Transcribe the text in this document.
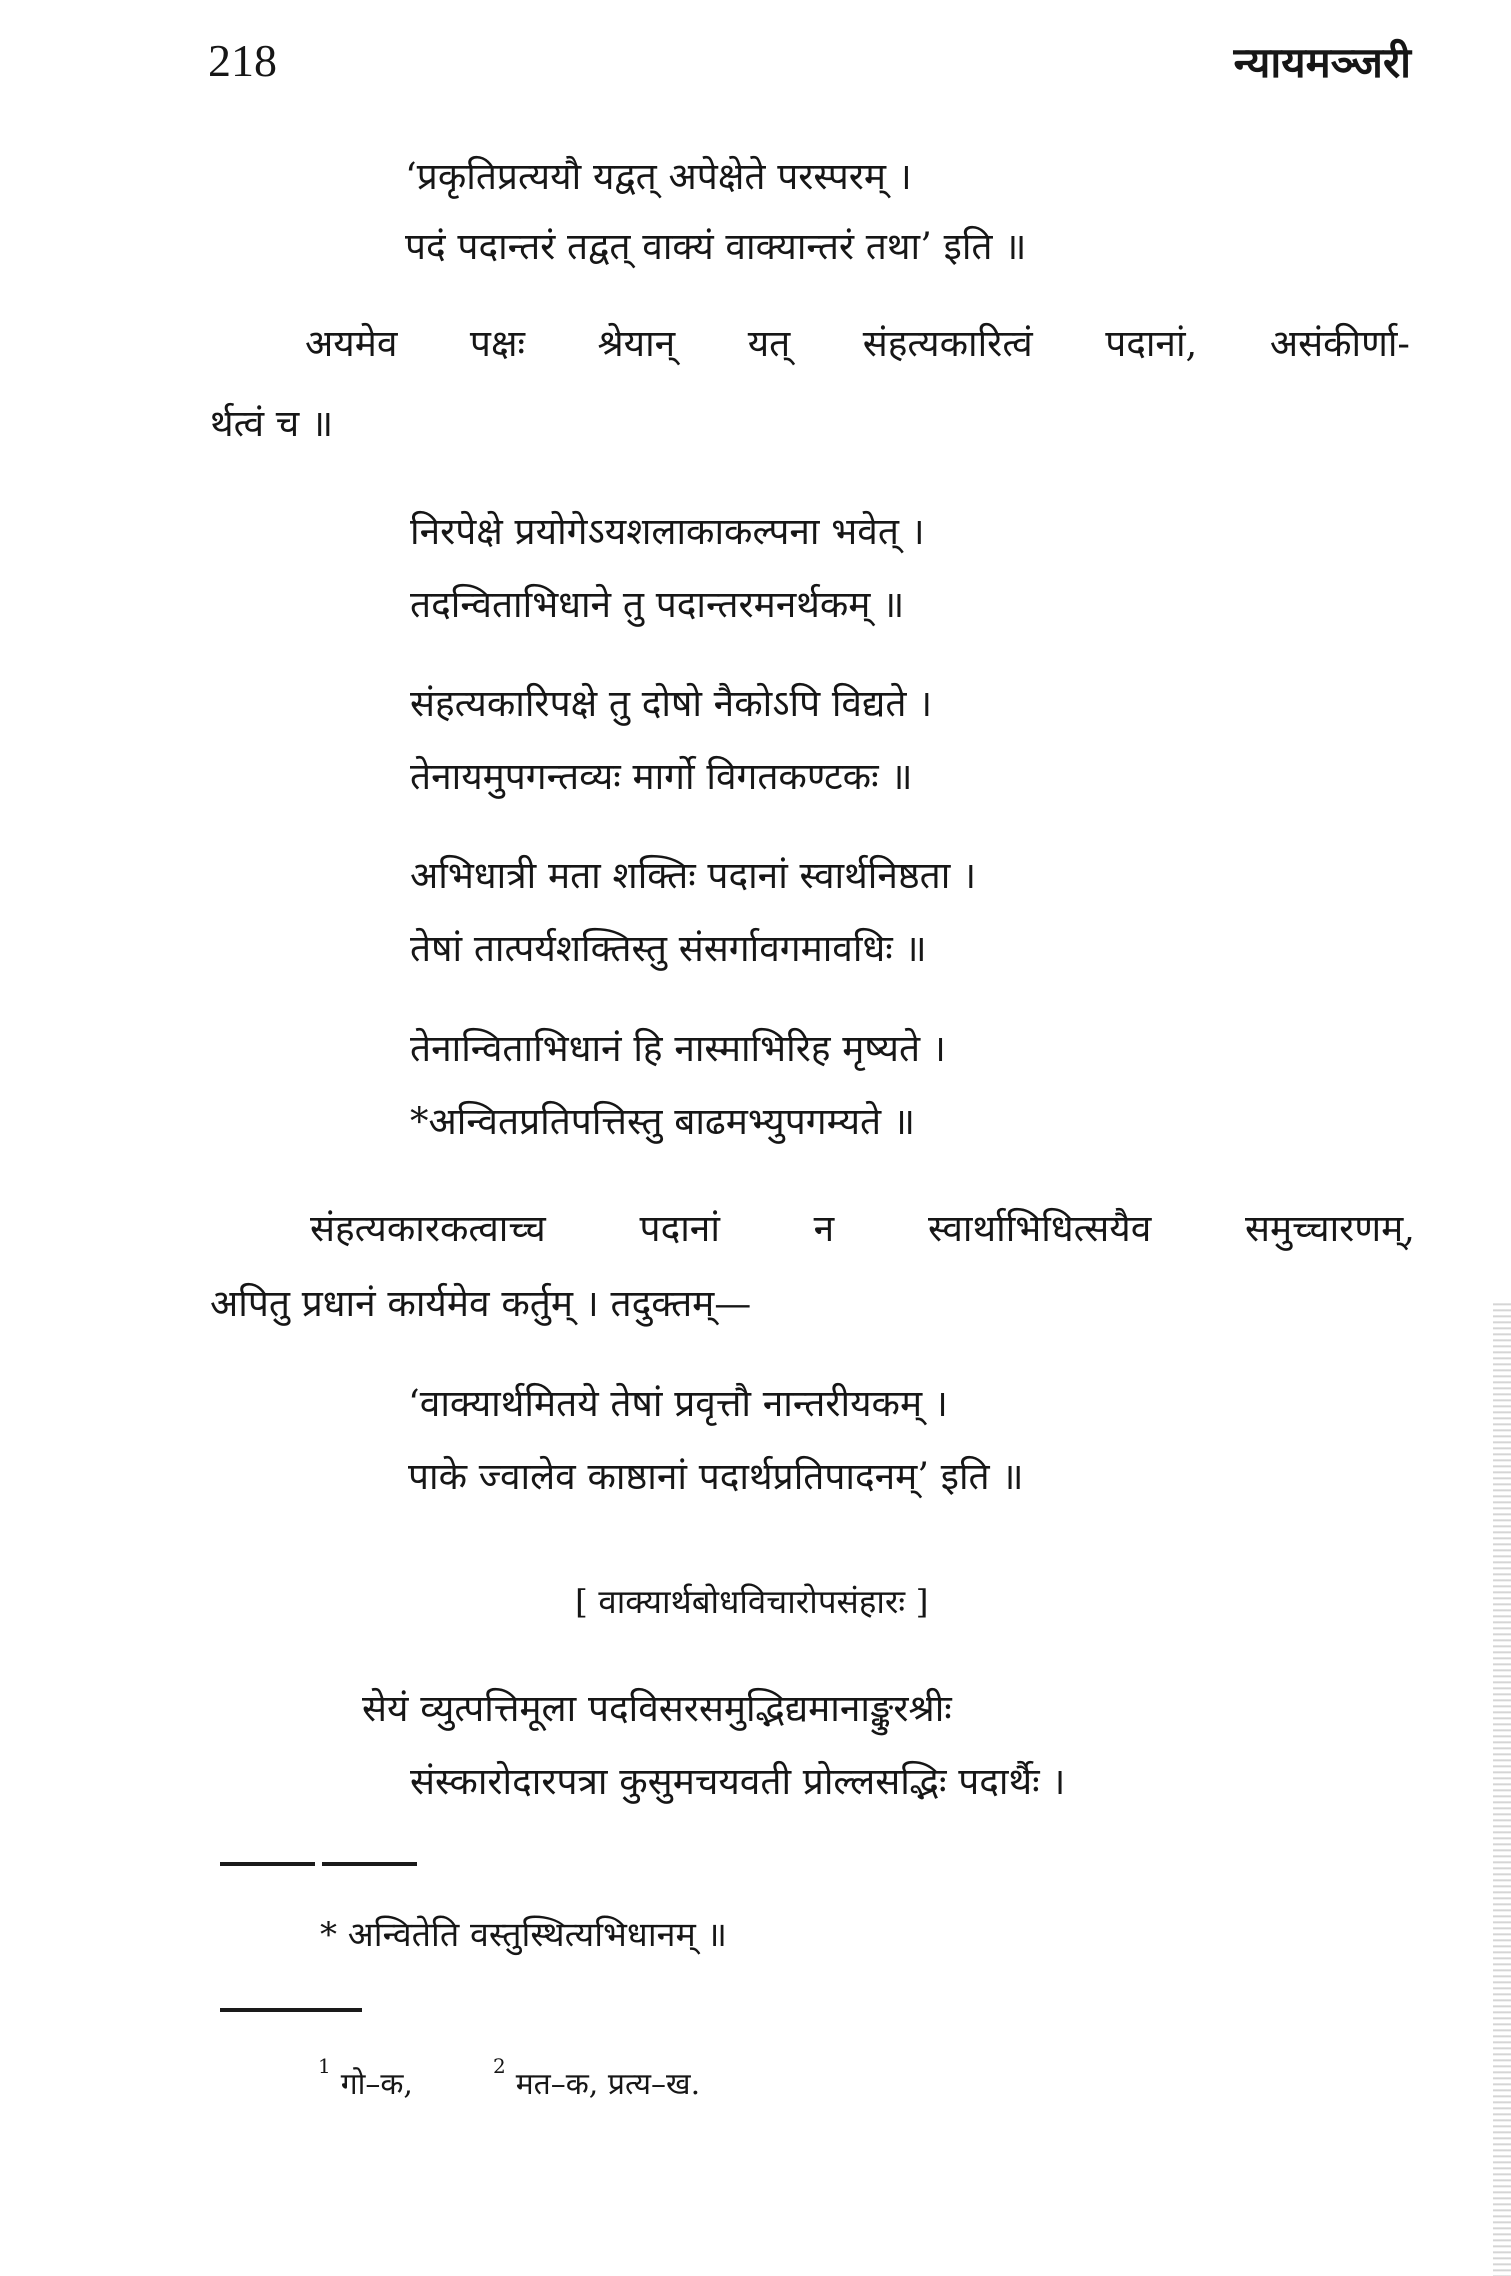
218	न्यायमञ्जरी
‘प्रकृतिप्रत्ययौ यद्वत् अपेक्षेते परस्परम् ।
पदं पदान्तरं तद्वत् वाक्यं वाक्यान्तरं तथा’ इति ॥
अयमेव पक्षः श्रेयान् यत् संहत्यकारित्वं पदानां, असंकीर्णा-
र्थत्वं च ॥
निरपेक्षे प्रयोगेऽयशलाकाकल्पना भवेत् ।
तदन्विताभिधाने तु पदान्तरमनर्थकम् ॥
संहत्यकारिपक्षे तु दोषो नैकोऽपि विद्यते ।
तेनायमुपगन्तव्यः मार्गो विगतकण्टकः ॥
अभिधात्री मता शक्तिः पदानां स्वार्थनिष्ठता ।
तेषां तात्पर्यशक्तिस्तु संसर्गावगमावधिः ॥
तेनान्विताभिधानं हि नास्माभिरिह मृष्यते ।
*अन्वितप्रतिपत्तिस्तु बाढमभ्युपगम्यते ॥
संहत्यकारकत्वाच्च	पदानां	न	स्वार्थाभिधित्सयैव	समुच्चारणम्,
अपितु प्रधानं कार्यमेव कर्तुम् । तदुक्तम्—
‘वाक्यार्थमितये तेषां प्रवृत्तौ नान्तरीयकम् ।
पाके ज्वालेव काष्ठानां पदार्थप्रतिपादनम्’ इति ॥
[ वाक्यार्थबोधविचारोपसंहारः ]
सेयं व्युत्पत्तिमूला पदविसरसमुद्भिद्यमानाङ्कुरश्रीः
संस्कारोदारपत्रा कुसुमचयवती प्रोल्लसद्भिः पदार्थैः ।
* अन्वितेति वस्तुस्थित्यभिधानम् ॥
$^1$गो–क,$^2$मत–क, प्रत्य–ख.
